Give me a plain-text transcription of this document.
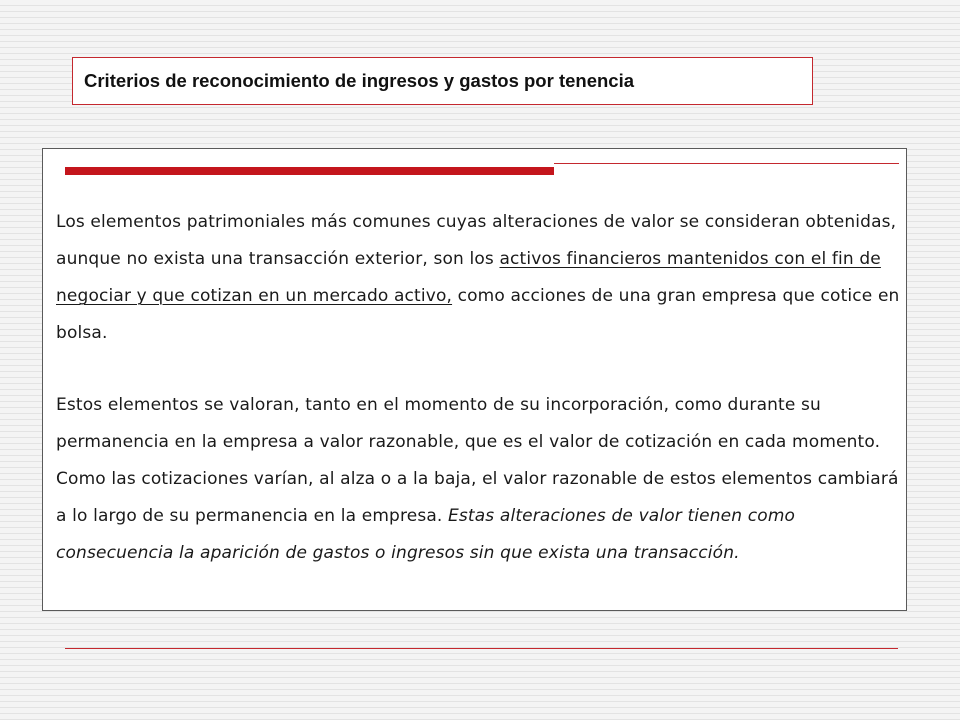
Criterios de reconocimiento de ingresos y gastos por tenencia

Los elementos patrimoniales más comunes cuyas alteraciones de valor se consideran obtenidas, aunque no exista una transacción exterior, son los activos financieros mantenidos con el fin de negociar y que cotizan en un mercado activo, como acciones de una gran empresa que cotice en bolsa.

Estos elementos se valoran, tanto en el momento de su incorporación, como durante su permanencia en la empresa a valor razonable, que es el valor de cotización en cada momento. Como las cotizaciones varían, al alza o a la baja, el valor razonable de estos elementos cambiará a lo largo de su permanencia en la empresa. Estas alteraciones de valor tienen como consecuencia la aparición de gastos o ingresos sin que exista una transacción.
